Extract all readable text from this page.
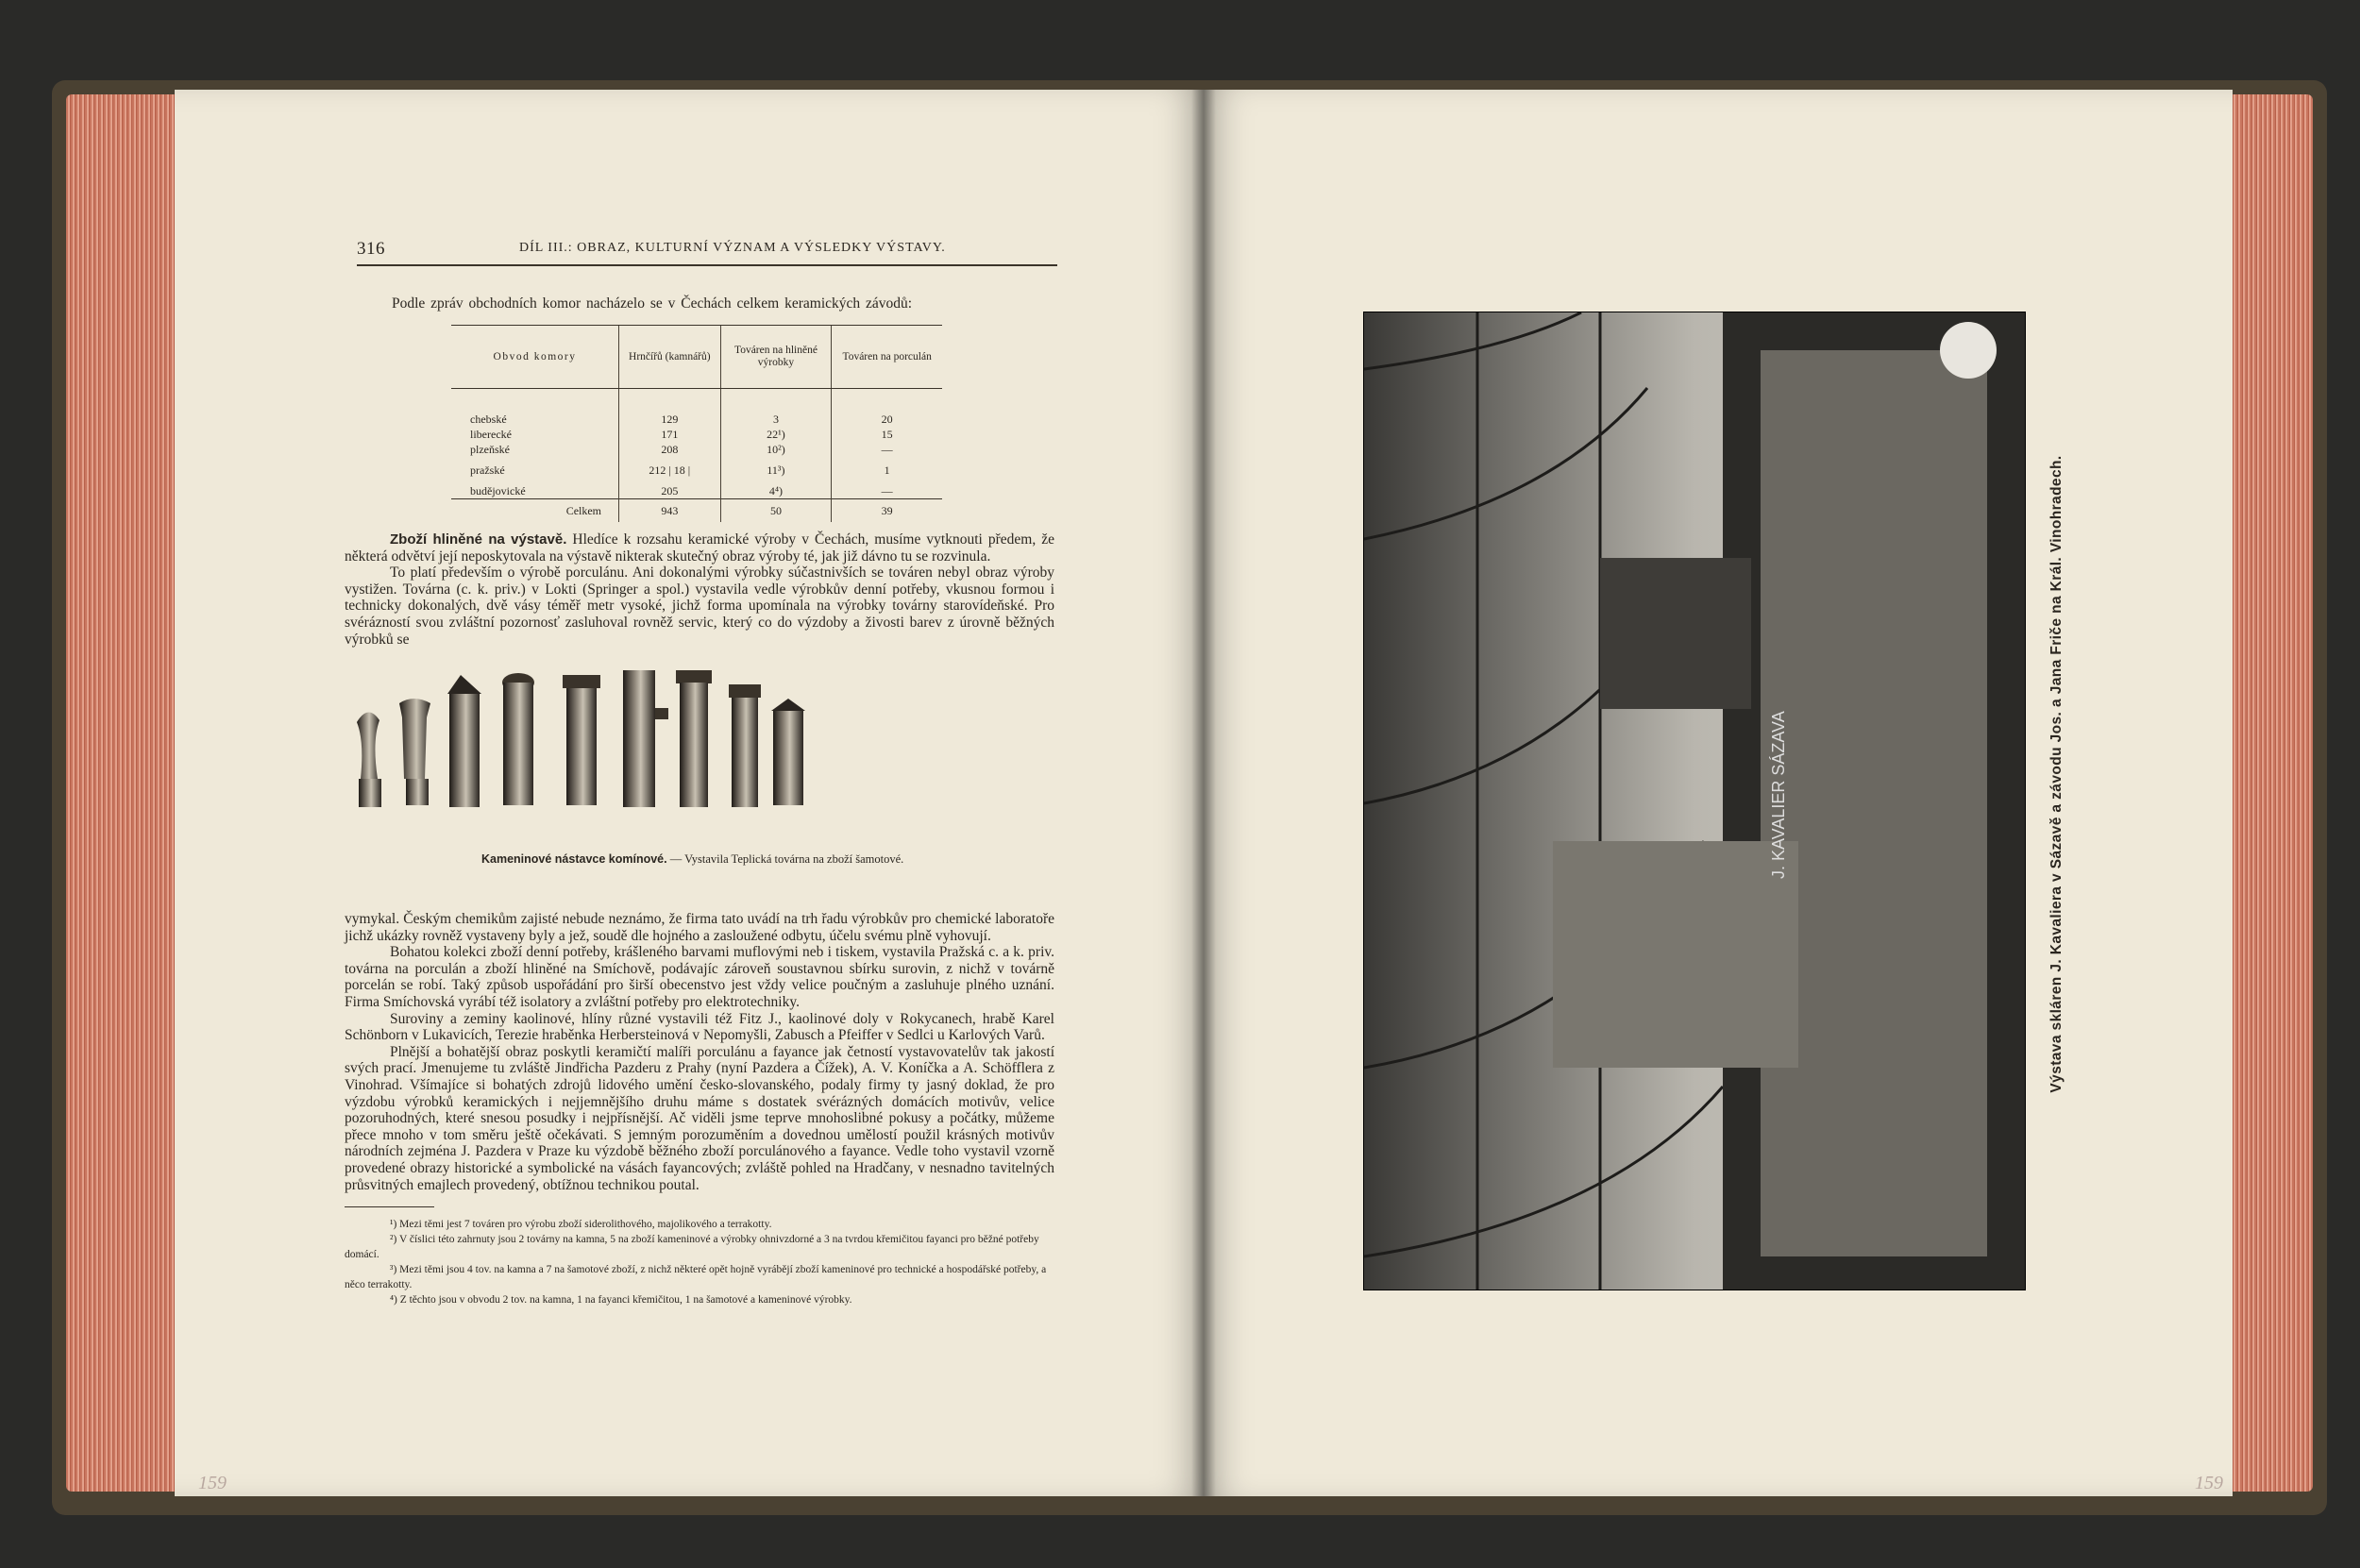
316	DÍL III.: OBRAZ, KULTURNÍ VÝZNAM A VÝSLEDKY VÝSTAVY.
Podle zpráv obchodních komor nacházelo se v Čechách celkem keramických závodů:
Obvod komory	Hrnčířů (kamnářů)	Továren na hliněné výrobky	Továren na porculán

chebské	129	3	20
liberecké	171	22¹)	15
plzeňské	208	10²)	—
pražské	212 | 18 |	11³)	1
budějovické	205	4⁴)	—
Celkem	943	50	39

Zboží hliněné na výstavě. Hledíce k rozsahu keramické výroby v Čechách, musíme vytknouti předem, že některá odvětví její neposkytovala na výstavě nikterak skutečný obraz výroby té, jak již dávno tu se rozvinula.

To platí především o výrobě porculánu. Ani dokonalými výrobky súčastnivších se továren nebyl obraz výroby vystižen. Továrna (c. k. priv.) v Lokti (Springer a spol.) vystavila vedle výrobkův denní potřeby, vkusnou formou i technicky dokonalých, dvě vásy téměř metr vysoké, jichž forma upomínala na výrobky továrny starovídeňské. Pro svérázností svou zvláštní pozornosť zasluhoval rovněž servic, který co do výzdoby a živosti barev z úrovně běžných výrobků se

Kameninové nástavce komínové. — Vystavila Teplická továrna na zboží šamotové.

vymykal. Českým chemikům zajisté nebude neznámo, že firma tato uvádí na trh řadu výrobkův pro chemické laboratoře jichž ukázky rovněž vystaveny byly a jež, soudě dle hojného a zasloužené odbytu, účelu svému plně vyhovují.

Bohatou kolekci zboží denní potřeby, krášleného barvami muflovými neb i tiskem, vystavila Pražská c. a k. priv. továrna na porculán a zboží hliněné na Smíchově, podávajíc zároveň soustavnou sbírku surovin, z nichž v továrně porcelán se robí. Taký způsob uspořádání pro širší obecenstvo jest vždy velice poučným a zasluhuje plného uznání. Firma Smíchovská vyrábí též isolatory a zvláštní potřeby pro elektrotechniky.

Suroviny a zeminy kaolinové, hlíny různé vystavili též Fitz J., kaolinové doly v Rokycanech, hrabě Karel Schönborn v Lukavicích, Terezie hraběnka Herbersteinová v Nepomyšli, Zabusch a Pfeiffer v Sedlci u Karlových Varů.

Plnější a bohatější obraz poskytli keramičtí malíři porculánu a fayance jak četností vystavovatelův tak jakostí svých prací. Jmenujeme tu zvláště Jindřicha Pazderu z Prahy (nyní Pazdera a Čížek), A. V. Koníčka a A. Schöfflera z Vinohrad. Všímajíce si bohatých zdrojů lidového umění česko-slovanského, podaly firmy ty jasný doklad, že pro výzdobu výrobků keramických i nejjemnějšího druhu máme s dostatek svérázných domácích motivův, velice pozoruhodných, které snesou posudky i nejpřísnější. Ač viděli jsme teprve mnohoslibné pokusy a počátky, můžeme přece mnoho v tom směru ještě očekávati. S jemným porozuměním a dovednou umělostí použil krásných motivův národních zejména J. Pazdera v Praze ku výzdobě běžného zboží porculánového a fayance. Vedle toho vystavil vzorně provedené obrazy historické a symbolické na vásách fayancových; zvláště pohled na Hradčany, v nesnadno tavitelných průsvitných emajlech provedený, obtížnou technikou poutal.

¹) Mezi těmi jest 7 továren pro výrobu zboží siderolithového, majolikového a terrakotty.

²) V číslici této zahrnuty jsou 2 továrny na kamna, 5 na zboží kameninové a výrobky ohnivzdorné a 3 na tvrdou křemičitou fayanci pro běžné potřeby domácí.

³) Mezi těmi jsou 4 tov. na kamna a 7 na šamotové zboží, z nichž některé opět hojně vyrábějí zboží kameninové pro technické a hospodářské potřeby, a něco terrakotty.

⁴) Z těchto jsou v obvodu 2 tov. na kamna, 1 na fayanci křemičitou, 1 na šamotové a kameninové výrobky.

159
J. KAVALIER SÁZAVA	Výstava skláren J. Kavaliera v Sázavě a závodu Jos. a Jana Friče na Král. Vinohradech.
159
